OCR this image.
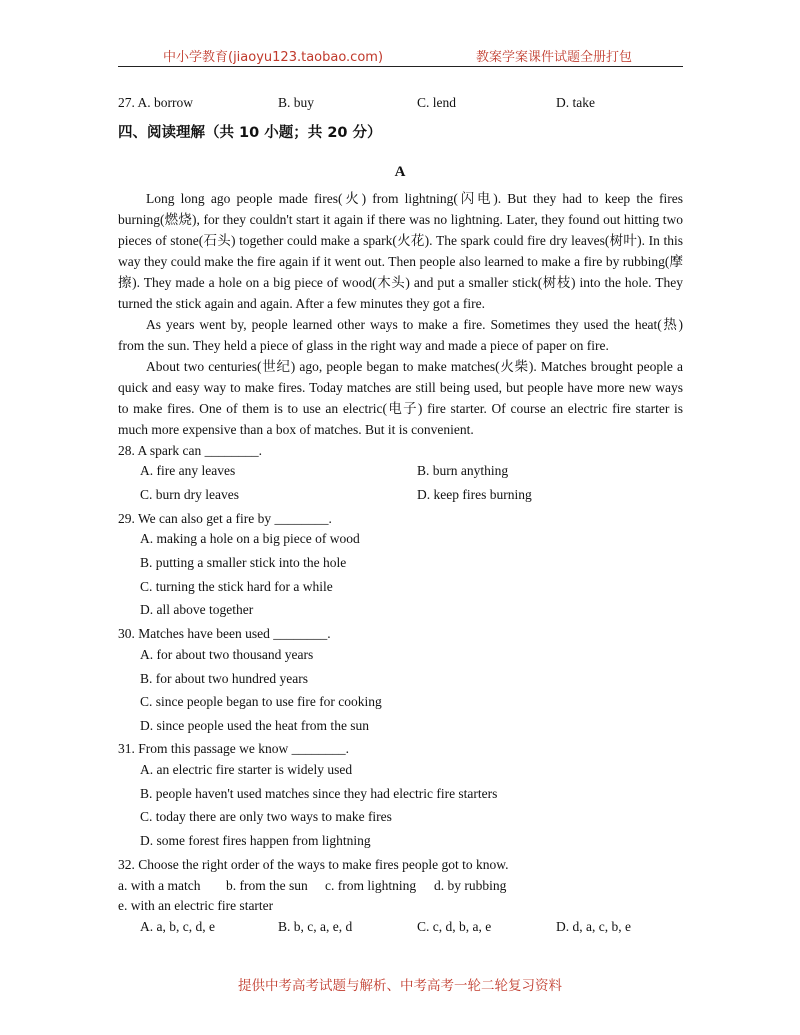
中小学教育(jiaoyu123.taobao.com)	教案学案课件试题全册打包
27. A. borrow	B. buy	C. lend	D. take
四、阅读理解（共 10 小题；共 20 分）
A

Long long ago people made fires(火) from lightning(闪电). But they had to keep the fires burning(燃烧), for they couldn't start it again if there was no lightning. Later, they found out hitting two pieces of stone(石头) together could make a spark(火花). The spark could fire dry leaves(树叶). In this way they could make the fire again if it went out. Then people also learned to make a fire by rubbing(摩擦). They made a hole on a big piece of wood(木头) and put a smaller stick(树枝) into the hole. They turned the stick again and again. After a few minutes they got a fire.

As years went by, people learned other ways to make a fire. Sometimes they used the heat(热) from the sun. They held a piece of glass in the right way and made a piece of paper on fire.

About two centuries(世纪) ago, people began to make matches(火柴). Matches brought people a quick and easy way to make fires. Today matches are still being used, but people have more new ways to make fires. One of them is to use an electric(电子) fire starter. Of course an electric fire starter is much more expensive than a box of matches. But it is convenient.

28. A spark can ________.
A. fire any leaves	B. burn anything
C. burn dry leaves	D. keep fires burning
29. We can also get a fire by ________.
A. making a hole on a big piece of wood
B. putting a smaller stick into the hole
C. turning the stick hard for a while
D. all above together
30. Matches have been used ________.
A. for about two thousand years
B. for about two hundred years
C. since people began to use fire for cooking
D. since people used the heat from the sun
31. From this passage we know ________.
A. an electric fire starter is widely used
B. people haven't used matches since they had electric fire starters
C. today there are only two ways to make fires
D. some forest fires happen from lightning
32. Choose the right order of the ways to make fires people got to know.
a. with a match b. from the sun c. from lightning d. by rubbing
e. with an electric fire starter
A. a, b, c, d, e	B. b, c, a, e, d	C. c, d, b, a, e	D. d, a, c, b, e
提供中考高考试题与解析、中考高考一轮二轮复习资料
